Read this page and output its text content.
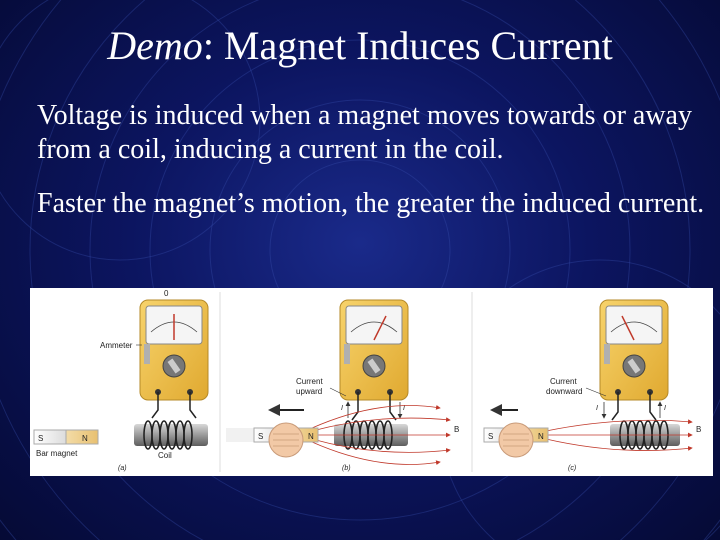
Demo: Magnet Induces Current
Voltage is induced when a magnet moves towards or away from a coil, inducing a current in the coil.
Faster the magnet’s motion, the greater the induced current.
0
Ammeter
Coil
S	N
Bar magnet
(a)
Current
upward
I	I
B
S	N
(b)
Current
downward
I	I
B
S	N
(c)
